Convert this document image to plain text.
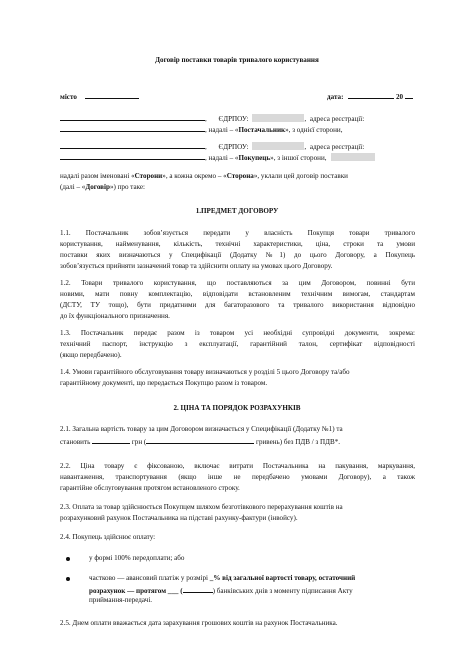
Договір поставки товарів тривалого користування
місто	дата:	20
, ЄДРПОУ:	, адреса реєстрації:
, надалі – «Постачальник», з однієї сторони,
, ЄДРПОУ:	, адреса реєстрації:
, надалі – «Покупець», з іншої сторони,
надалі разом іменовані «Сторони», а кожна окремо – «Сторона», уклали цей договір поставки
(далі – «Договір») про таке:
1.ПРЕДМЕТ ДОГОВОРУ
1.1. Постачальник зобов’язується передати у власність Покупця товари тривалого
користування, найменування, кількість, технічні характеристики, ціна, строки та умови
поставки яких визначаються у Специфікації (Додатку №1) до цього Договору, а Покупець
зобов’язується прийняти зазначений товар та здійснити оплату на умовах цього Договору.
1.2. Товари тривалого користування, що поставляються за цим Договором, повинні бути
новими, мати повну комплектацію, відповідати встановленим технічним вимогам, стандартам
(ДСТУ, ТУ тощо), бути придатними для багаторазового та тривалого використання відповідно
до їх функціонального призначення.
1.3. Постачальник передає разом із товаром усі необхідні супровідні документи, зокрема:
технічний паспорт, інструкцію з експлуатації, гарантійний талон, сертифікат відповідності
(якщо передбачено).
1.4. Умови гарантійного обслуговування товару визначаються у розділі 5 цього Договору та/або
гарантійному документі, що передається Покупцю разом із товаром.
2. ЦІНА ТА ПОРЯДОК РОЗРАХУНКІВ
2.1. Загальна вартість товару за цим Договором визначається у Специфікації (Додатку №1) та
становить	грн (	гривень) без ПДВ / з ПДВ*.
2.2. Ціна товару є фіксованою, включає витрати Постачальника на пакування, маркування,
навантаження, транспортування (якщо інше не передбачено умовами Договору), а також
гарантійне обслуговування протягом встановленого строку.
2.3. Оплата за товар здійснюється Покупцем шляхом безготівкового перерахування коштів на
розрахунковий рахунок Постачальника на підставі рахунку-фактури (інвойсу).
2.4. Покупець здійснює оплату:
у формі 100% передоплати; або
частково — авансовий платіж у розмірі _% від загальної вартості товару, остаточний
розрахунок — протягом ___ (	) банківських днів з моменту підписання Акту
приймання-передачі.
2.5. Днем оплати вважається дата зарахування грошових коштів на рахунок Постачальника.
